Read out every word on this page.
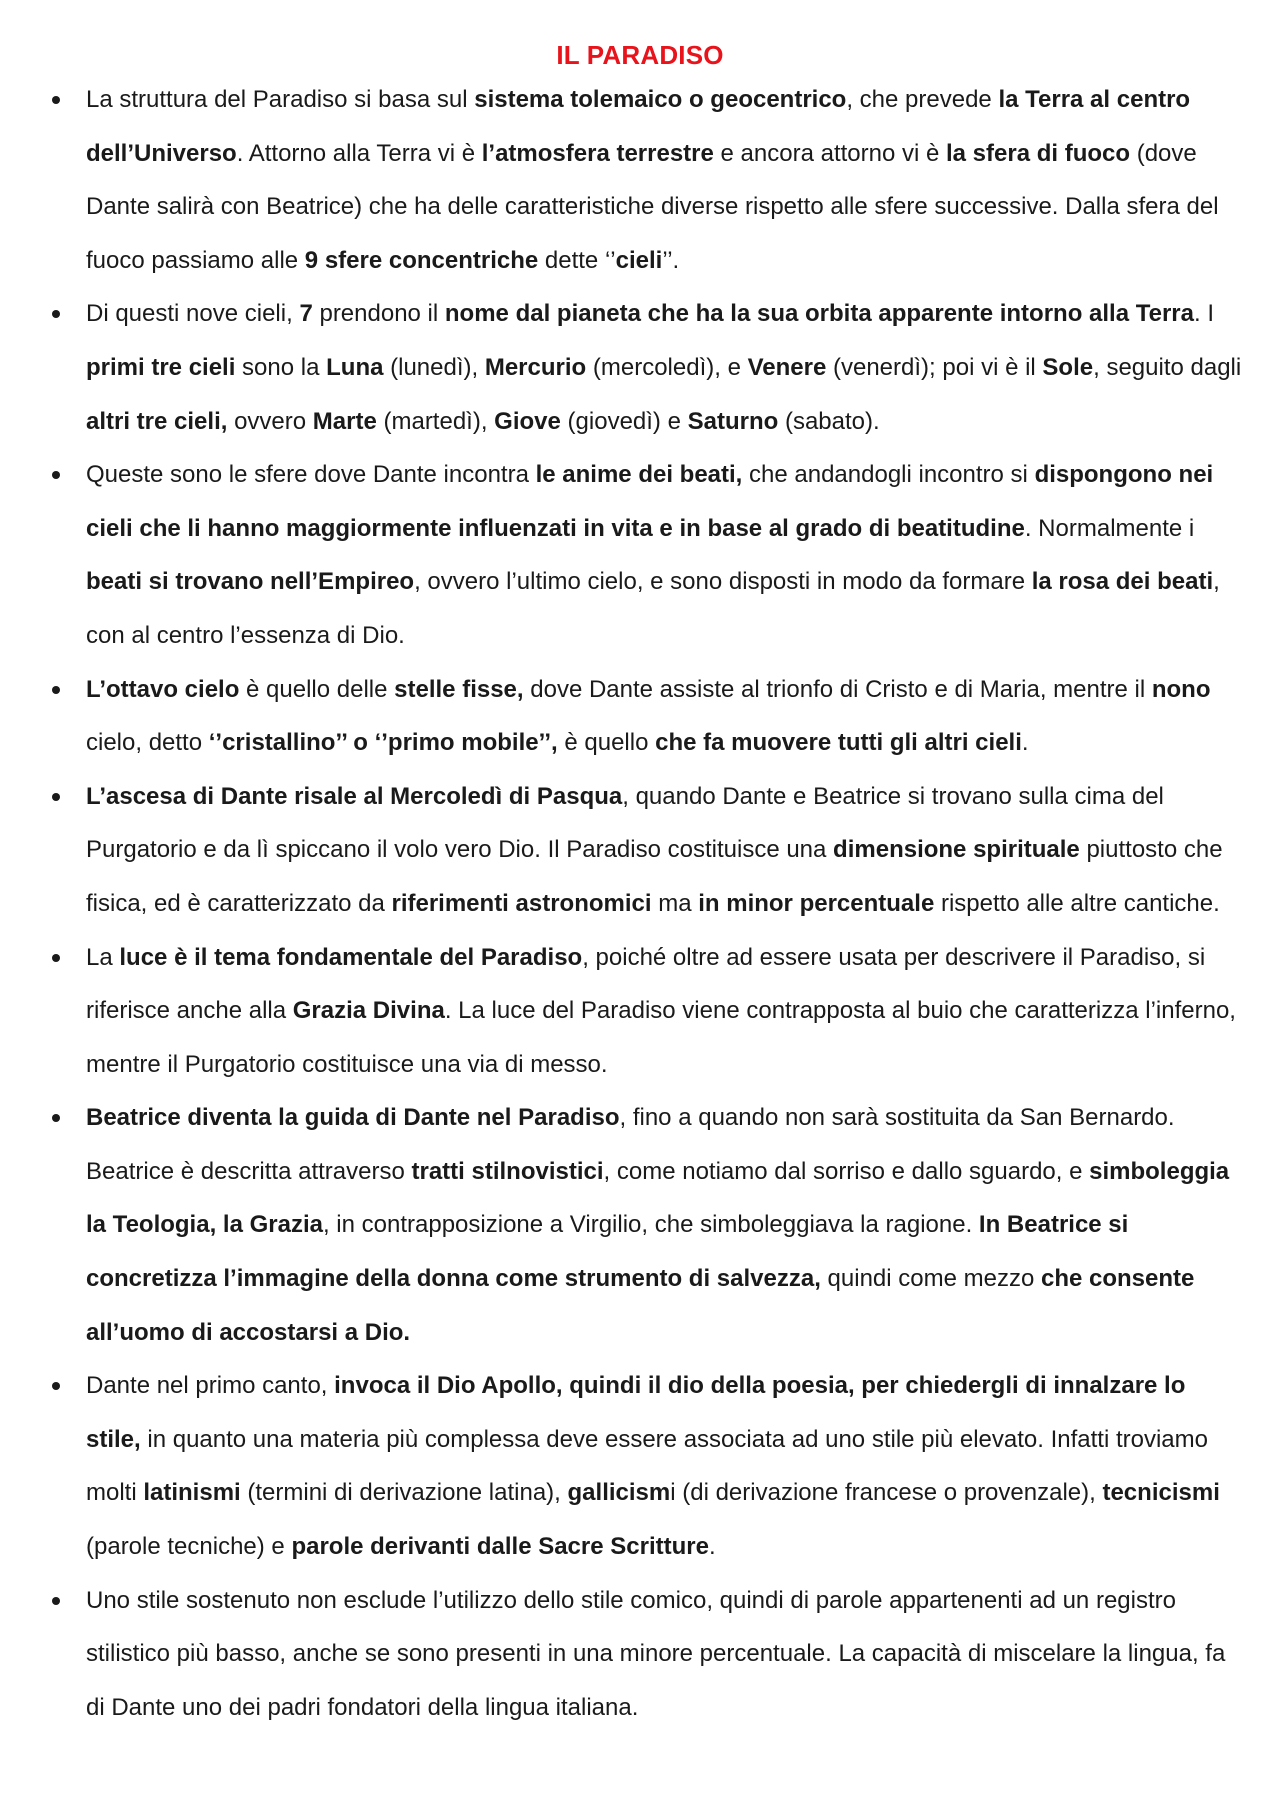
IL PARADISO
La struttura del Paradiso si basa sul sistema tolemaico o geocentrico, che prevede la Terra al centro dell’Universo. Attorno alla Terra vi è l’atmosfera terrestre e ancora attorno vi è la sfera di fuoco (dove Dante salirà con Beatrice) che ha delle caratteristiche diverse rispetto alle sfere successive. Dalla sfera del fuoco passiamo alle 9 sfere concentriche dette ‘’cieli’’.
Di questi nove cieli, 7 prendono il nome dal pianeta che ha la sua orbita apparente intorno alla Terra. I primi tre cieli sono la Luna (lunedì), Mercurio (mercoledì), e Venere (venerdì); poi vi è il Sole, seguito dagli altri tre cieli, ovvero Marte (martedì), Giove (giovedì) e Saturno (sabato).
Queste sono le sfere dove Dante incontra le anime dei beati, che andandogli incontro si dispongono nei cieli che li hanno maggiormente influenzati in vita e in base al grado di beatitudine. Normalmente i beati si trovano nell’Empireo, ovvero l’ultimo cielo, e sono disposti in modo da formare la rosa dei beati, con al centro l’essenza di Dio.
L’ottavo cielo è quello delle stelle fisse, dove Dante assiste al trionfo di Cristo e di Maria, mentre il nono cielo, detto ‘’cristallino’’ o ‘’primo mobile’’, è quello che fa muovere tutti gli altri cieli.
L’ascesa di Dante risale al Mercoledì di Pasqua, quando Dante e Beatrice si trovano sulla cima del Purgatorio e da lì spiccano il volo vero Dio. Il Paradiso costituisce una dimensione spirituale piuttosto che fisica, ed è caratterizzato da riferimenti astronomici ma in minor percentuale rispetto alle altre cantiche.
La luce è il tema fondamentale del Paradiso, poiché oltre ad essere usata per descrivere il Paradiso, si riferisce anche alla Grazia Divina. La luce del Paradiso viene contrapposta al buio che caratterizza l’inferno, mentre il Purgatorio costituisce una via di messo.
Beatrice diventa la guida di Dante nel Paradiso, fino a quando non sarà sostituita da San Bernardo. Beatrice è descritta attraverso tratti stilnovistici, come notiamo dal sorriso e dallo sguardo, e simboleggia la Teologia, la Grazia, in contrapposizione a Virgilio, che simboleggiava la ragione. In Beatrice si concretizza l’immagine della donna come strumento di salvezza, quindi come mezzo che consente all’uomo di accostarsi a Dio.
Dante nel primo canto, invoca il Dio Apollo, quindi il dio della poesia, per chiedergli di innalzare lo stile, in quanto una materia più complessa deve essere associata ad uno stile più elevato. Infatti troviamo molti latinismi (termini di derivazione latina), gallicismi (di derivazione francese o provenzale), tecnicismi (parole tecniche) e parole derivanti dalle Sacre Scritture.
Uno stile sostenuto non esclude l’utilizzo dello stile comico, quindi di parole appartenenti ad un registro stilistico più basso, anche se sono presenti in una minore percentuale. La capacità di miscelare la lingua, fa di Dante uno dei padri fondatori della lingua italiana.
